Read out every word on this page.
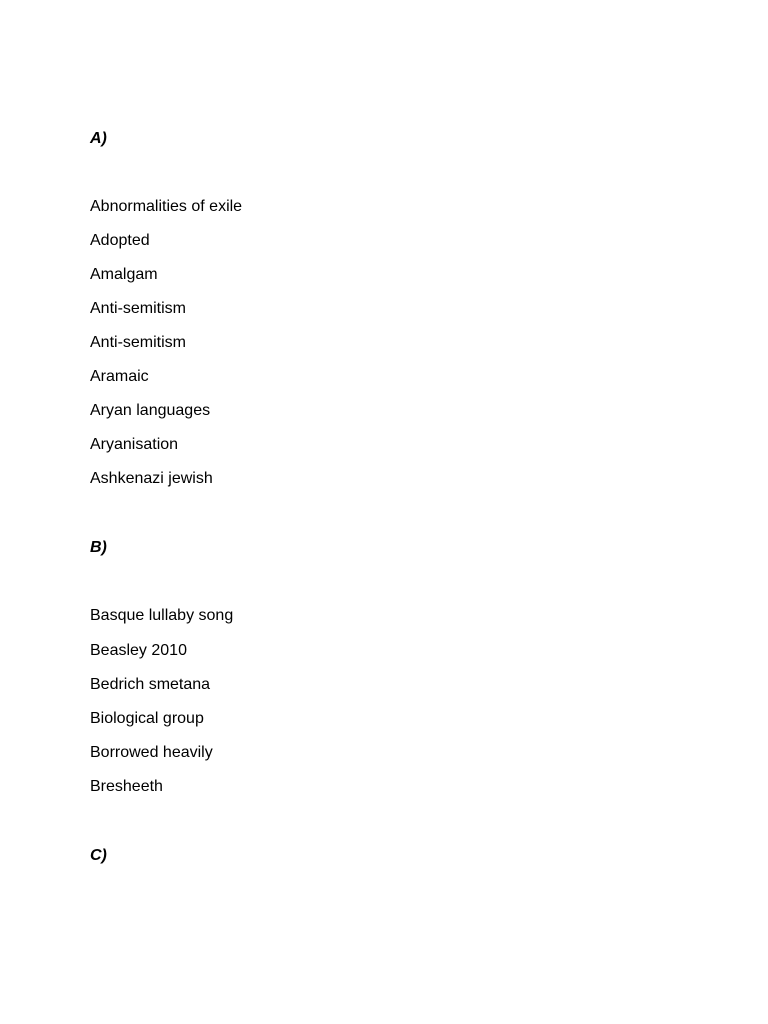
A)
Abnormalities of exile
Adopted
Amalgam
Anti-semitism
Anti-semitism
Aramaic
Aryan languages
Aryanisation
Ashkenazi jewish
B)
Basque lullaby song
Beasley 2010
Bedrich smetana
Biological group
Borrowed heavily
Bresheeth
C)
